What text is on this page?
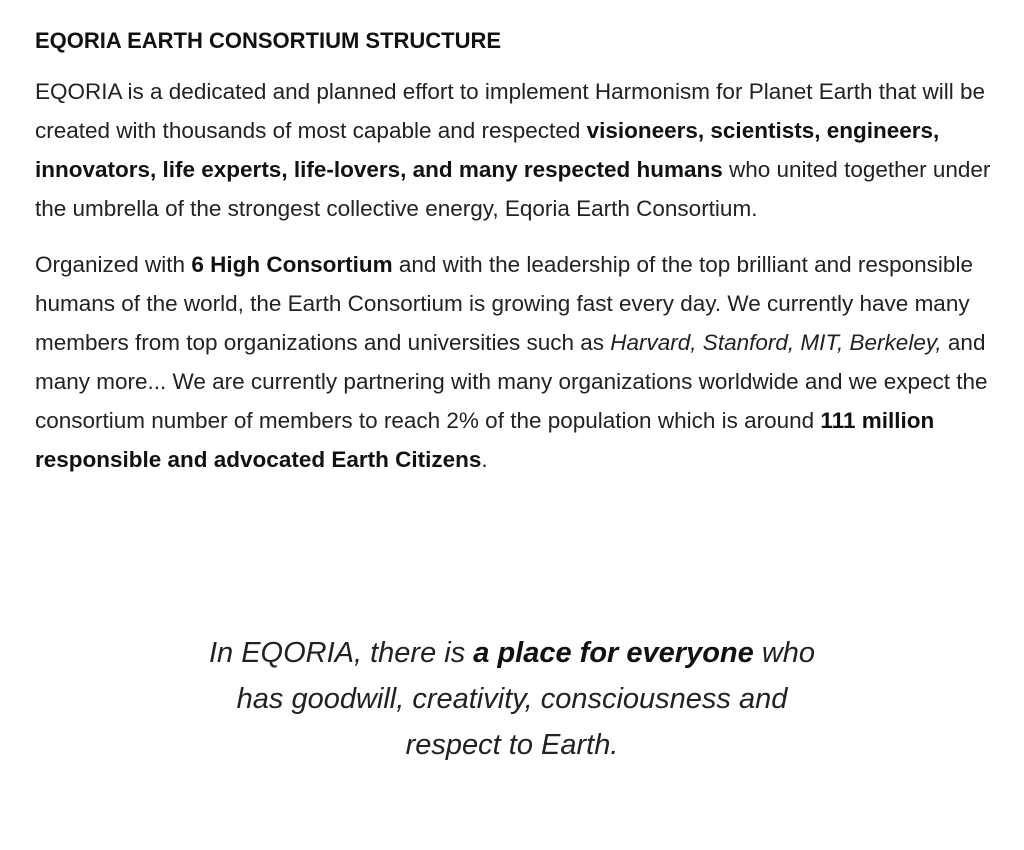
EQORIA EARTH CONSORTIUM STRUCTURE

EQORIA is a dedicated and planned effort to implement Harmonism for Planet Earth that will be created with thousands of most capable and respected visioneers, scientists, engineers, innovators, life experts, life-lovers, and many respected humans who united together under the umbrella of the strongest collective energy, Eqoria Earth Consortium.

Organized with 6 High Consortium and with the leadership of the top brilliant and responsible humans of the world, the Earth Consortium is growing fast every day. We currently have many members from top organizations and universities such as Harvard, Stanford, MIT, Berkeley, and many more... We are currently partnering with many organizations worldwide and we expect the consortium number of members to reach 2% of the population which is around 111 million responsible and advocated Earth Citizens.

In EQORIA, there is a place for everyone who
has goodwill, creativity, consciousness and
respect to Earth.
